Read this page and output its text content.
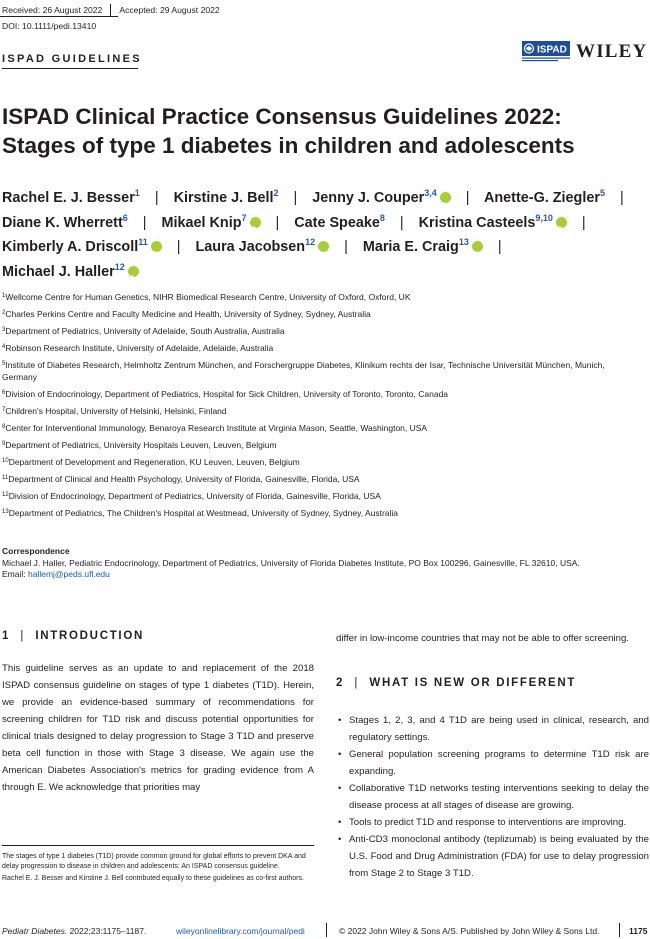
Received: 26 August 2022 Accepted: 29 August 2022
DOI: 10.1111/pedi.13410
ISPAD GUIDELINES
ISPAD WILEY
ISPAD Clinical Practice Consensus Guidelines 2022: Stages of type 1 diabetes in children and adolescents
Rachel E. J. Besser$^1$ | Kirstine J. Bell$^2$ | Jenny J. Couper$^{3,4}$ iD | Anette-G. Ziegler$^5$ | Diane K. Wherrett$^6$ | Mikael Knip$^7$ iD | Cate Speake$^8$ | Kristina Casteels$^{9,10}$ iD | Kimberly A. Driscoll$^{11}$ iD | Laura Jacobsen$^{12}$ iD | Maria E. Craig$^{13}$ iD | Michael J. Haller$^{12}$iD
$^1$Wellcome Centre for Human Genetics, NIHR Biomedical Research Centre, University of Oxford, Oxford, UK
$^2$Charles Perkins Centre and Faculty Medicine and Health, University of Sydney, Sydney, Australia
$^3$Department of Pediatrics, University of Adelaide, South Australia, Australia
$^4$Robinson Research Institute, University of Adelaide, Adelaide, Australia
$^5$Institute of Diabetes Research, Helmholtz Zentrum München, and Forschergruppe Diabetes, Klinikum rechts der Isar, Technische Universität München, Munich, Germany
$^6$Division of Endocrinology, Department of Pediatrics, Hospital for Sick Children, University of Toronto, Toronto, Canada
$^7$Children's Hospital, University of Helsinki, Helsinki, Finland
$^8$Center for Interventional Immunology, Benaroya Research Institute at Virginia Mason, Seattle, Washington, USA
$^9$Department of Pediatrics, University Hospitals Leuven, Leuven, Belgium
$^{10}$Department of Development and Regeneration, KU Leuven, Leuven, Belgium
$^{11}$Department of Clinical and Health Psychology, University of Florida, Gainesville, Florida, USA
$^{12}$Division of Endocrinology, Department of Pediatrics, University of Florida, Gainesville, Florida, USA
$^{13}$Department of Pediatrics, The Children's Hospital at Westmead, University of Sydney, Sydney, Australia
Correspondence
Michael J. Haller, Pediatric Endocrinology, Department of Pediatrics, University of Florida Diabetes Institute, PO Box 100296, Gainesville, FL 32610, USA.
Email: hallemj@peds.ufl.edu
1 | INTRODUCTION

This guideline serves as an update to and replacement of the 2018 ISPAD consensus guideline on stages of type 1 diabetes (T1D). Herein, we provide an evidence-based summary of recommendations for screening children for T1D risk and discuss potential opportunities for clinical trials designed to delay progression to Stage 3 T1D and preserve beta cell function in those with Stage 3 disease. We again use the American Diabetes Association's metrics for grading evidence from A through E. We acknowledge that priorities may

differ in low-income countries that may not be able to offer screening.

2 | WHAT IS NEW OR DIFFERENT
• Stages 1, 2, 3, and 4 T1D are being used in clinical, research, and regulatory settings.
• General population screening programs to determine T1D risk are expanding.
• Collaborative T1D networks testing interventions seeking to delay the disease process at all stages of disease are growing.
• Tools to predict T1D and response to interventions are improving.
• Anti-CD3 monoclonal antibody (teplizumab) is being evaluated by the U.S. Food and Drug Administration (FDA) for use to delay progression from Stage 2 to Stage 3 T1D.

The stages of type 1 diabetes (T1D) provide common ground for global efforts to prevent DKA and delay progression to disease in children and adolescents: An ISPAD consensus guideline.

Rachel E. J. Besser and Kirstine J. Bell contributed equally to these guidelines as co-first authors.

Pediatr Diabetes. 2022;23:1175–1187.	wileyonlinelibrary.com/journal/pedi	© 2022 John Wiley & Sons A/S. Published by John Wiley & Sons Ltd.	1175
